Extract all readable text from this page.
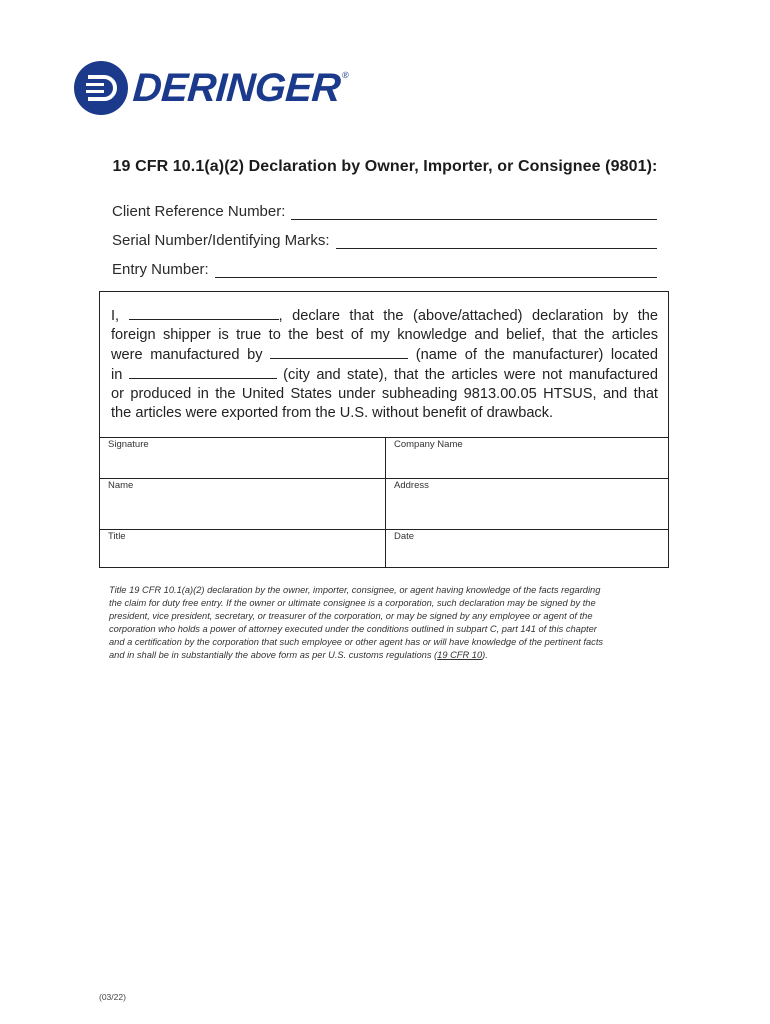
DERINGER®
19 CFR 10.1(a)(2) Declaration by Owner, Importer, or Consignee (9801):
Client Reference Number:
Serial Number/Identifying Marks:
Entry Number:
I,	, declare that the (above/attached) declaration by the
foreign shipper is true to the best of my knowledge and belief, that the articles
were manufactured by	(name of the manufacturer) located
in	(city and state), that the articles were not manufactured
or produced in the United States under subheading 9813.00.05 HTSUS, and that
the articles were exported from the U.S. without benefit of drawback.
Signature	Company Name
Name	Address
Title	Date
Title 19 CFR 10.1(a)(2) declaration by the owner, importer, consignee, or agent having knowledge of the facts regarding
the claim for duty free entry. If the owner or ultimate consignee is a corporation, such declaration may be signed by the
president, vice president, secretary, or treasurer of the corporation, or may be signed by any employee or agent of the
corporation who holds a power of attorney executed under the conditions outlined in subpart C, part 141 of this chapter
and a certification by the corporation that such employee or other agent has or will have knowledge of the pertinent facts
and in shall be in substantially the above form as per U.S. customs regulations (19 CFR 10).
(03/22)
